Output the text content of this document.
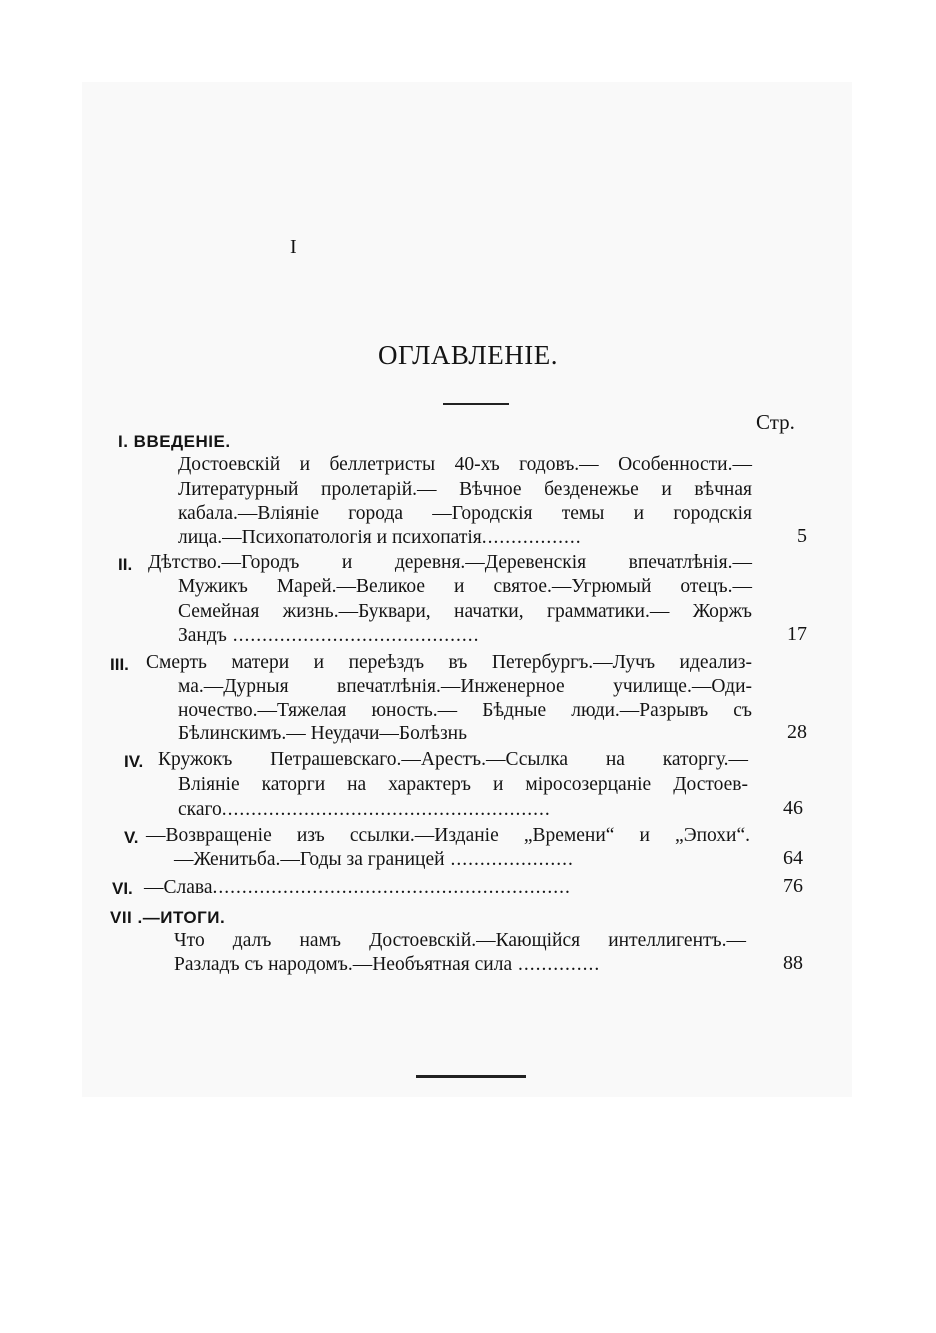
I
ОГЛАВЛЕНІЕ.
Стр.
I. ВВЕДЕНІЕ.
Достоевскій и беллетристы 40-хъ годовъ.— Особенности.—
Литературный пролетарій.— Вѣчное безденежье и вѣчная
кабала.—Вліяніе города —Городскія темы и городскія
лица.—Психопатологія и психопатія.................	5
II. Дѣтство.—Городъ и деревня.—Деревенскія впечатлѣнія.—
Мужикъ Марей.—Великое и святое.—Угрюмый отецъ.—
Семейная жизнь.—Буквари, начатки, грамматики.— Жоржъ
Зандъ ..........................................	17
III. Смерть матери и переѣздъ въ Петербургъ.—Лучъ идеализ-
ма.—Дурныя впечатлѣнія.—Инженерное училище.—Оди-
ночество.—Тяжелая юность.— Бѣдные люди.—Разрывъ съ
Бѣлинскимъ.— Неудачи—Болѣзнь	28
IV. Кружокъ Петрашевскаго.—Арестъ.—Ссылка на каторгу.—
Вліяніе каторги на характеръ и міросозерцаніе Достоев-
скаго........................................................	46
V. —Возвращеніе изъ ссылки.—Изданіе „Времени“ и „Эпохи“.
—Женитьба.—Годы за границей .....................	64
VI. —Слава.............................................................	76
VII .—ИТОГИ.
Что далъ намъ Достоевскій.—Кающійся интеллигентъ.—
Разладъ съ народомъ.—Необъятная сила ..............	88
